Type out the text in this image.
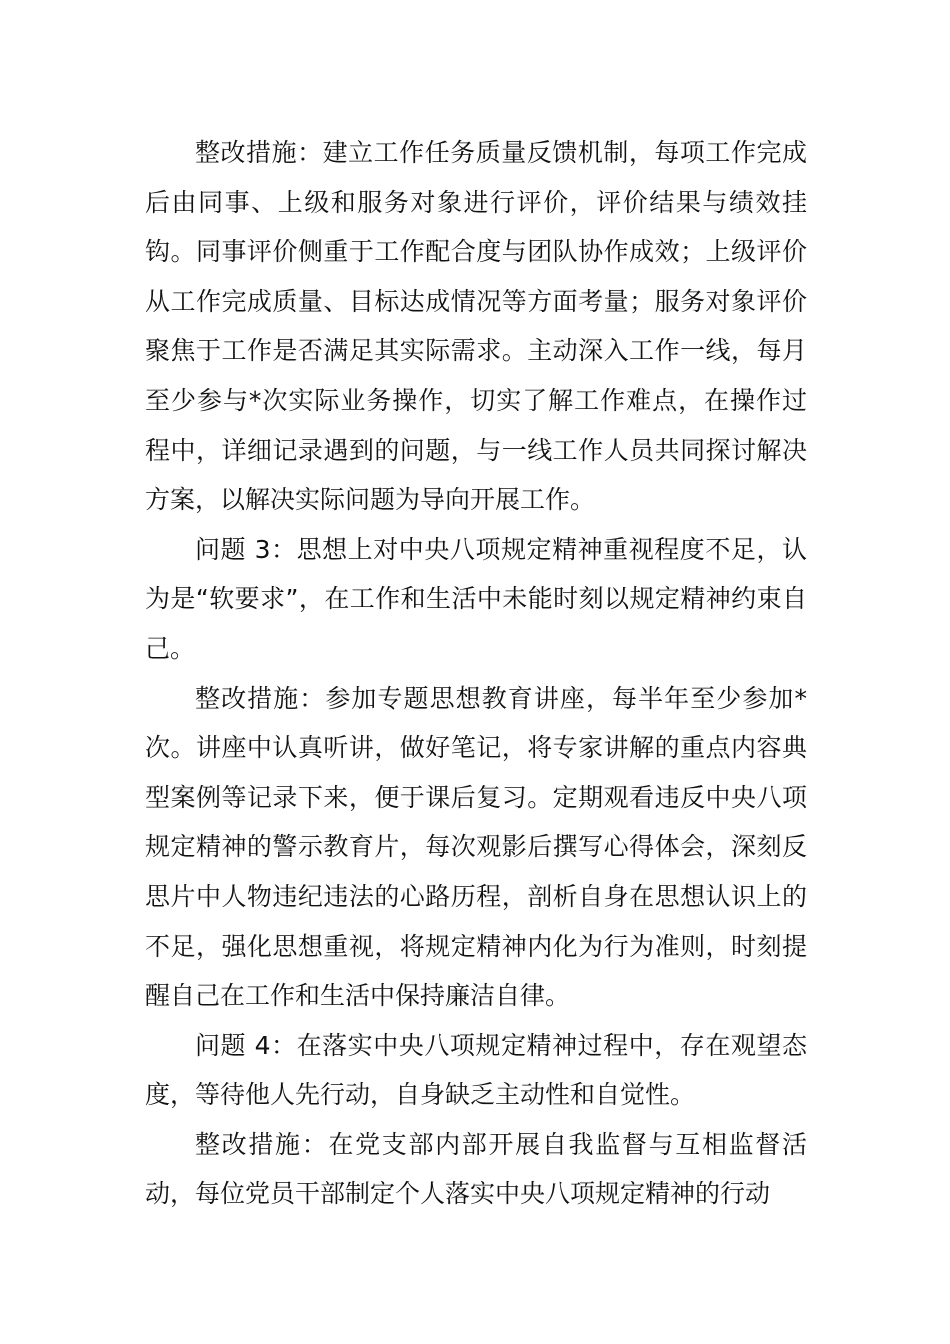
整改措施：建立工作任务质量反馈机制，每项工作完成后由同事、上级和服务对象进行评价，评价结果与绩效挂钩。同事评价侧重于工作配合度与团队协作成效；上级评价从工作完成质量、目标达成情况等方面考量；服务对象评价聚焦于工作是否满足其实际需求。主动深入工作一线，每月至少参与*次实际业务操作，切实了解工作难点，在操作过程中，详细记录遇到的问题，与一线工作人员共同探讨解决方案，以解决实际问题为导向开展工作。

问题 3：思想上对中央八项规定精神重视程度不足，认为是“软要求”，在工作和生活中未能时刻以规定精神约束自己。

整改措施：参加专题思想教育讲座，每半年至少参加*次。讲座中认真听讲，做好笔记，将专家讲解的重点内容典型案例等记录下来，便于课后复习。定期观看违反中央八项规定精神的警示教育片，每次观影后撰写心得体会，深刻反思片中人物违纪违法的心路历程，剖析自身在思想认识上的不足，强化思想重视，将规定精神内化为行为准则，时刻提醒自己在工作和生活中保持廉洁自律。

问题 4：在落实中央八项规定精神过程中，存在观望态度，等待他人先行动，自身缺乏主动性和自觉性。

整改措施：在党支部内部开展自我监督与互相监督活动，每位党员干部制定个人落实中央八项规定精神的行动
